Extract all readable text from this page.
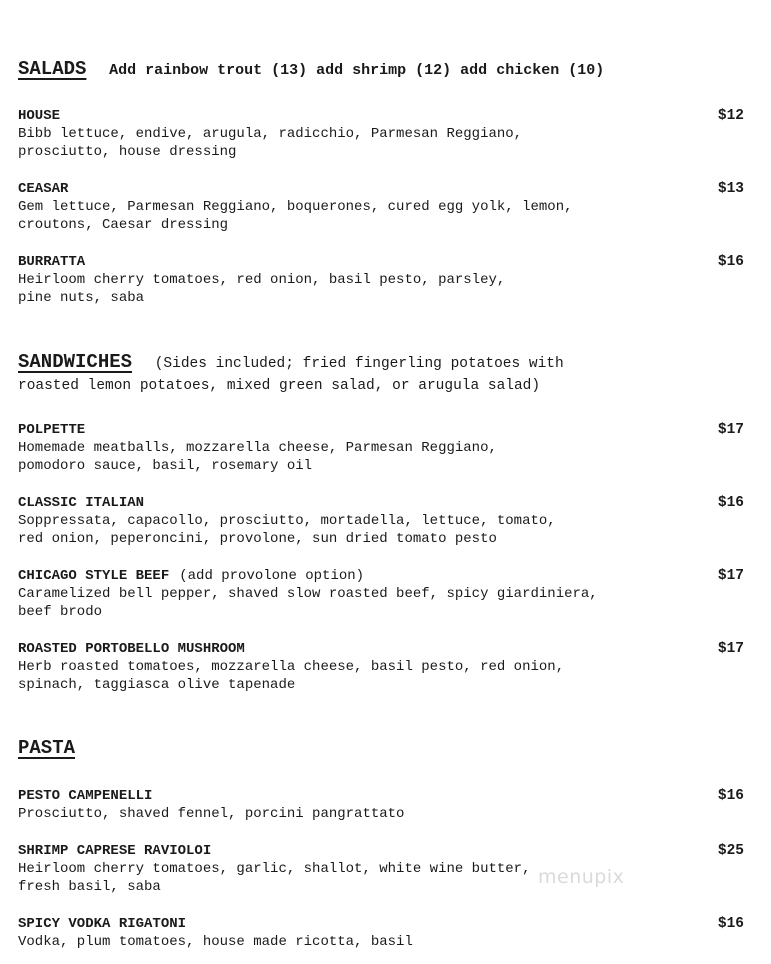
SALADS Add rainbow trout (13) add shrimp (12) add chicken (10)
HOUSE	$12
Bibb lettuce, endive, arugula, radicchio, Parmesan Reggiano,
prosciutto, house dressing
CEASAR	$13
Gem lettuce, Parmesan Reggiano, boquerones, cured egg yolk, lemon,
croutons, Caesar dressing
BURRATTA	$16
Heirloom cherry tomatoes, red onion, basil pesto, parsley,
pine nuts, saba
SANDWICHES (Sides included; fried fingerling potatoes with
roasted lemon potatoes, mixed green salad, or arugula salad)
POLPETTE	$17
Homemade meatballs, mozzarella cheese, Parmesan Reggiano,
pomodoro sauce, basil, rosemary oil
CLASSIC ITALIAN	$16
Soppressata, capacollo, prosciutto, mortadella, lettuce, tomato,
red onion, peperoncini, provolone, sun dried tomato pesto
CHICAGO STYLE BEEF (add provolone option)	$17
Caramelized bell pepper, shaved slow roasted beef, spicy giardiniera,
beef brodo
ROASTED PORTOBELLO MUSHROOM	$17
Herb roasted tomatoes, mozzarella cheese, basil pesto, red onion,
spinach, taggiasca olive tapenade
PASTA
PESTO CAMPENELLI	$16
Prosciutto, shaved fennel, porcini pangrattato
SHRIMP CAPRESE RAVIOLOI	$25
Heirloom cherry tomatoes, garlic, shallot, white wine butter,
fresh basil, saba
SPICY VODKA RIGATONI	$16
Vodka, plum tomatoes, house made ricotta, basil
menupix
